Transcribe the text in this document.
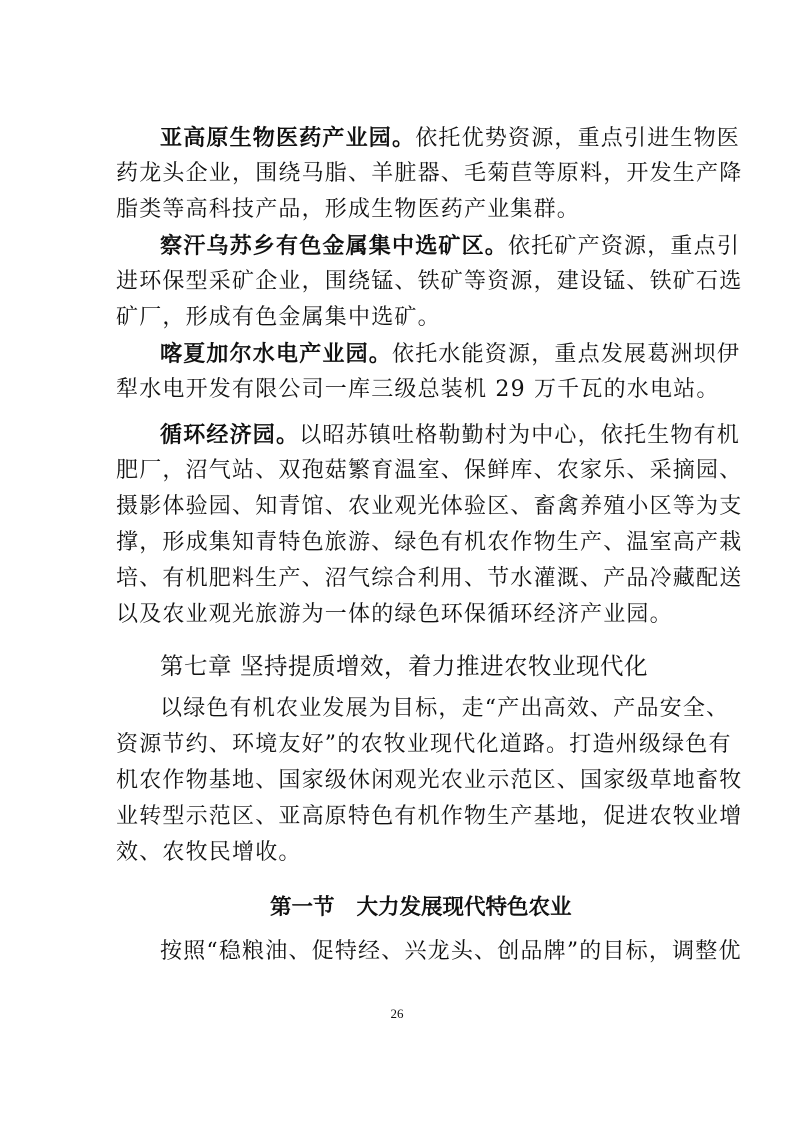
亚高原生物医药产业园。依托优势资源，重点引进生物医
药龙头企业，围绕马脂、羊脏器、毛菊苣等原料，开发生产降
脂类等高科技产品，形成生物医药产业集群。
察汗乌苏乡有色金属集中选矿区。依托矿产资源，重点引
进环保型采矿企业，围绕锰、铁矿等资源，建设锰、铁矿石选
矿厂，形成有色金属集中选矿。
喀夏加尔水电产业园。依托水能资源，重点发展葛洲坝伊
犁水电开发有限公司一库三级总装机 29 万千瓦的水电站。
循环经济园。以昭苏镇吐格勒勤村为中心，依托生物有机
肥厂，沼气站、双孢菇繁育温室、保鲜库、农家乐、采摘园、
摄影体验园、知青馆、农业观光体验区、畜禽养殖小区等为支
撑，形成集知青特色旅游、绿色有机农作物生产、温室高产栽
培、有机肥料生产、沼气综合利用、节水灌溉、产品冷藏配送
以及农业观光旅游为一体的绿色环保循环经济产业园。
第七章 坚持提质增效，着力推进农牧业现代化
以绿色有机农业发展为目标，走“产出高效、产品安全、
资源节约、环境友好”的农牧业现代化道路。打造州级绿色有
机农作物基地、国家级休闲观光农业示范区、国家级草地畜牧
业转型示范区、亚高原特色有机作物生产基地，促进农牧业增
效、农牧民增收。
第一节 大力发展现代特色农业
按照“稳粮油、促特经、兴龙头、创品牌”的目标，调整优
26
